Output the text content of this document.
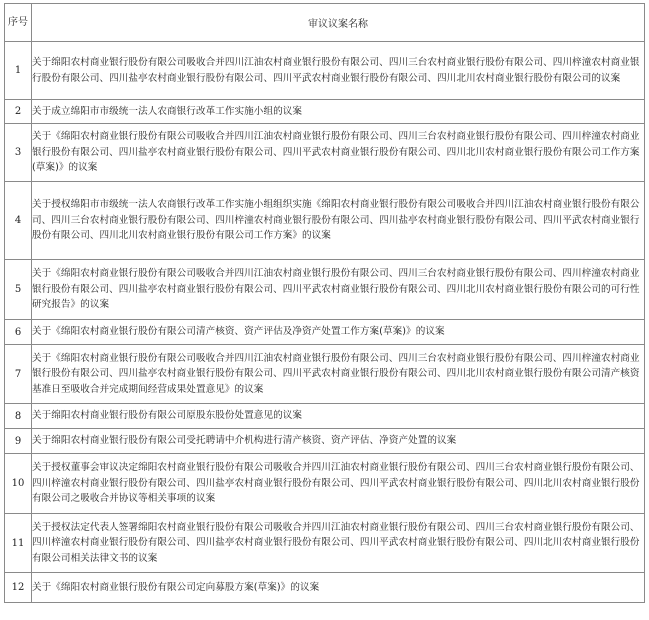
序号	审议议案名称
1	关于绵阳农村商业银行股份有限公司吸收合并四川江油农村商业银行股份有限公司、四川三台农村商业银行股份有限公司、四川梓潼农村商业银行股份有限公司、四川盐亭农村商业银行股份有限公司、四川平武农村商业银行股份有限公司、四川北川农村商业银行股份有限公司的议案
2	关于成立绵阳市市级统一法人农商银行改革工作实施小组的议案
3	关于《绵阳农村商业银行股份有限公司吸收合并四川江油农村商业银行股份有限公司、四川三台农村商业银行股份有限公司、四川梓潼农村商业银行股份有限公司、四川盐亭农村商业银行股份有限公司、四川平武农村商业银行股份有限公司、四川北川农村商业银行股份有限公司工作方案(草案)》的议案
4	关于授权绵阳市市级统一法人农商银行改革工作实施小组组织实施《绵阳农村商业银行股份有限公司吸收合并四川江油农村商业银行股份有限公司、四川三台农村商业银行股份有限公司、四川梓潼农村商业银行股份有限公司、四川盐亭农村商业银行股份有限公司、四川平武农村商业银行股份有限公司、四川北川农村商业银行股份有限公司工作方案》的议案
5	关于《绵阳农村商业银行股份有限公司吸收合并四川江油农村商业银行股份有限公司、四川三台农村商业银行股份有限公司、四川梓潼农村商业银行股份有限公司、四川盐亭农村商业银行股份有限公司、四川平武农村商业银行股份有限公司、四川北川农村商业银行股份有限公司的可行性研究报告》的议案
6	关于《绵阳农村商业银行股份有限公司清产核资、资产评估及净资产处置工作方案(草案)》的议案
7	关于《绵阳农村商业银行股份有限公司吸收合并四川江油农村商业银行股份有限公司、四川三台农村商业银行股份有限公司、四川梓潼农村商业银行股份有限公司、四川盐亭农村商业银行股份有限公司、四川平武农村商业银行股份有限公司、四川北川农村商业银行股份有限公司清产核资基准日至吸收合并完成期间经营成果处置意见》的议案
8	关于绵阳农村商业银行股份有限公司原股东股份处置意见的议案
9	关于绵阳农村商业银行股份有限公司受托聘请中介机构进行清产核资、资产评估、净资产处置的议案
10	关于授权董事会审议决定绵阳农村商业银行股份有限公司吸收合并四川江油农村商业银行股份有限公司、四川三台农村商业银行股份有限公司、四川梓潼农村商业银行股份有限公司、四川盐亭农村商业银行股份有限公司、四川平武农村商业银行股份有限公司、四川北川农村商业银行股份有限公司之吸收合并协议等相关事项的议案
11	关于授权法定代表人签署绵阳农村商业银行股份有限公司吸收合并四川江油农村商业银行股份有限公司、四川三台农村商业银行股份有限公司、四川梓潼农村商业银行股份有限公司、四川盐亭农村商业银行股份有限公司、四川平武农村商业银行股份有限公司、四川北川农村商业银行股份有限公司相关法律文书的议案
12	关于《绵阳农村商业银行股份有限公司定向募股方案(草案)》的议案
